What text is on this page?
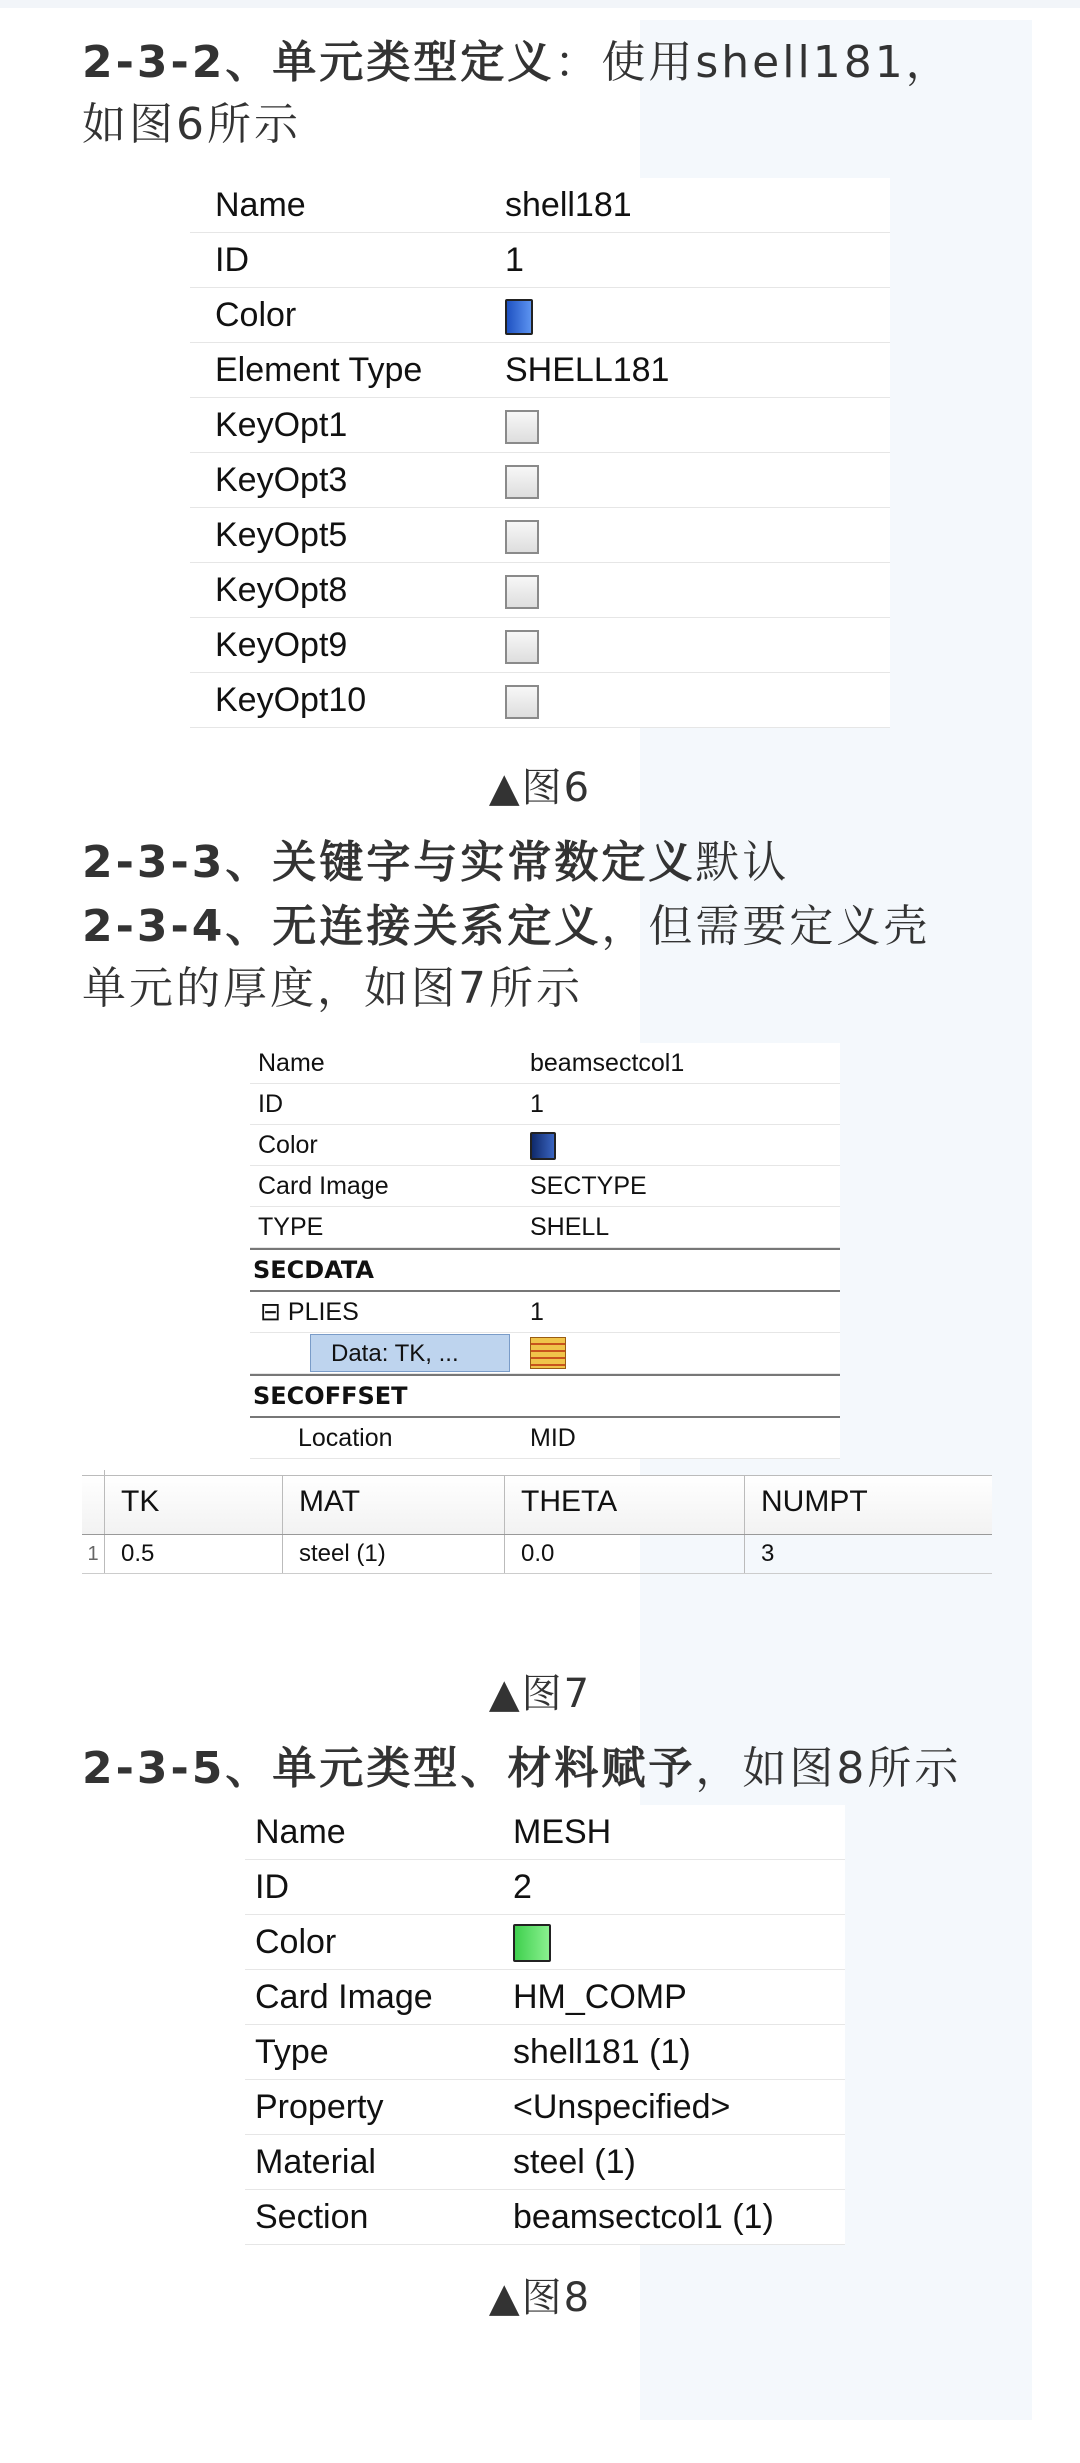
2-3-2、单元类型定义：使用shell181，
如图6所示
Name	shell181
ID	1
Color
Element Type	SHELL181
KeyOpt1
KeyOpt3
KeyOpt5
KeyOpt8
KeyOpt9
KeyOpt10
▲图6
2-3-3、关键字与实常数定义默认
2-3-4、无连接关系定义，但需要定义壳
单元的厚度，如图7所示
Name	beamsectcol1
ID	1
Color
Card Image	SECTYPE
TYPE	SHELL
SECDATA
⊟ PLIES	1
Data: TK, ...
SECOFFSET
Location	MID
TK	MAT	THETA	NUMPT
1 0.5	steel (1)	0.0	3
▲图7
2-3-5、单元类型、材料赋予，如图8所示
Name	MESH
ID	2
Color
Card Image	HM_COMP
Type	shell181 (1)
Property	<Unspecified>
Material	steel (1)
Section	beamsectcol1 (1)
▲图8
